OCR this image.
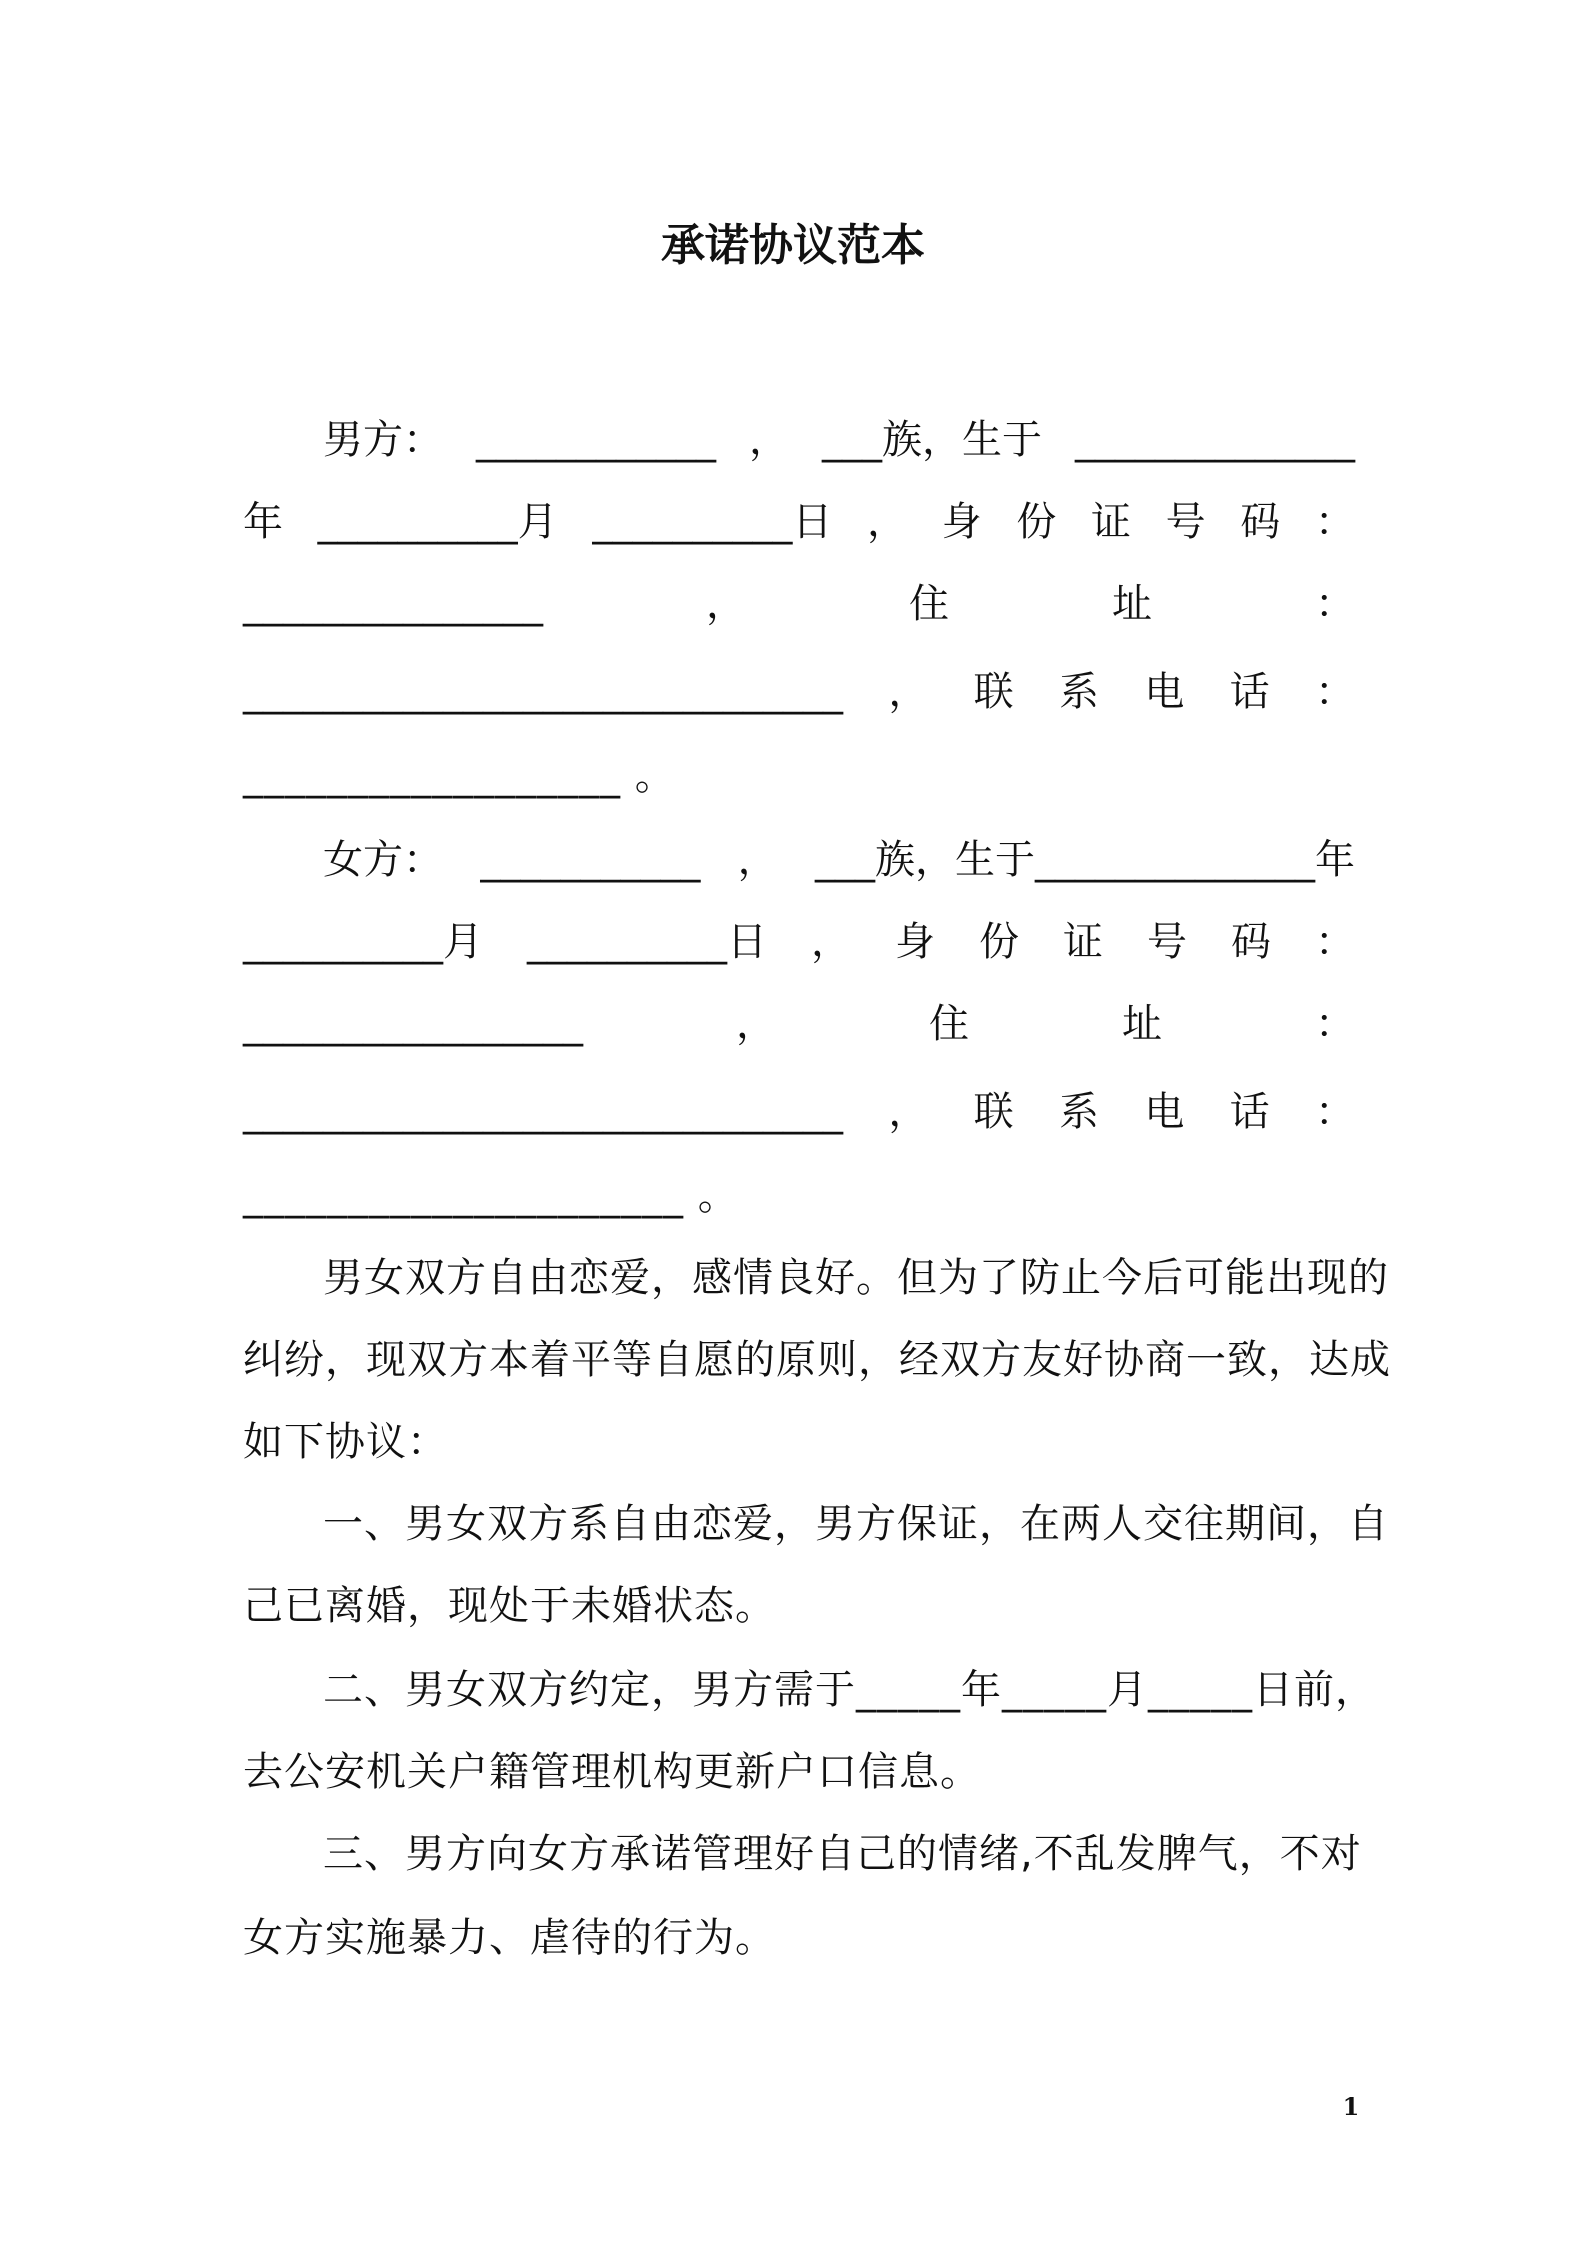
承诺协议范本
男方： ____________ ， ___族，生于 ______________
年 __________月 __________日 ， 身 份 证 号 码 ：
_______________	，	住	址	：
______________________________ ， 联 系 电 话 ：
__________________ 。
女方： ___________ ， ___族，生于______________年
__________月 __________日 ， 身 份 证 号 码 ：
_________________	，	住	址	：
______________________________ ， 联 系 电 话 ：
_____________________ 。
男女双方自由恋爱，感情良好。但为了防止今后可能出现的
纠纷，现双方本着平等自愿的原则，经双方友好协商一致，达成
如下协议：
一、男女双方系自由恋爱，男方保证，在两人交往期间，自
己已离婚，现处于未婚状态。
二、男女双方约定，男方需于_____年_____月_____日前，
去公安机关户籍管理机构更新户口信息。
三、男方向女方承诺管理好自己的情绪,不乱发脾气，不对
女方实施暴力、虐待的行为。
1
